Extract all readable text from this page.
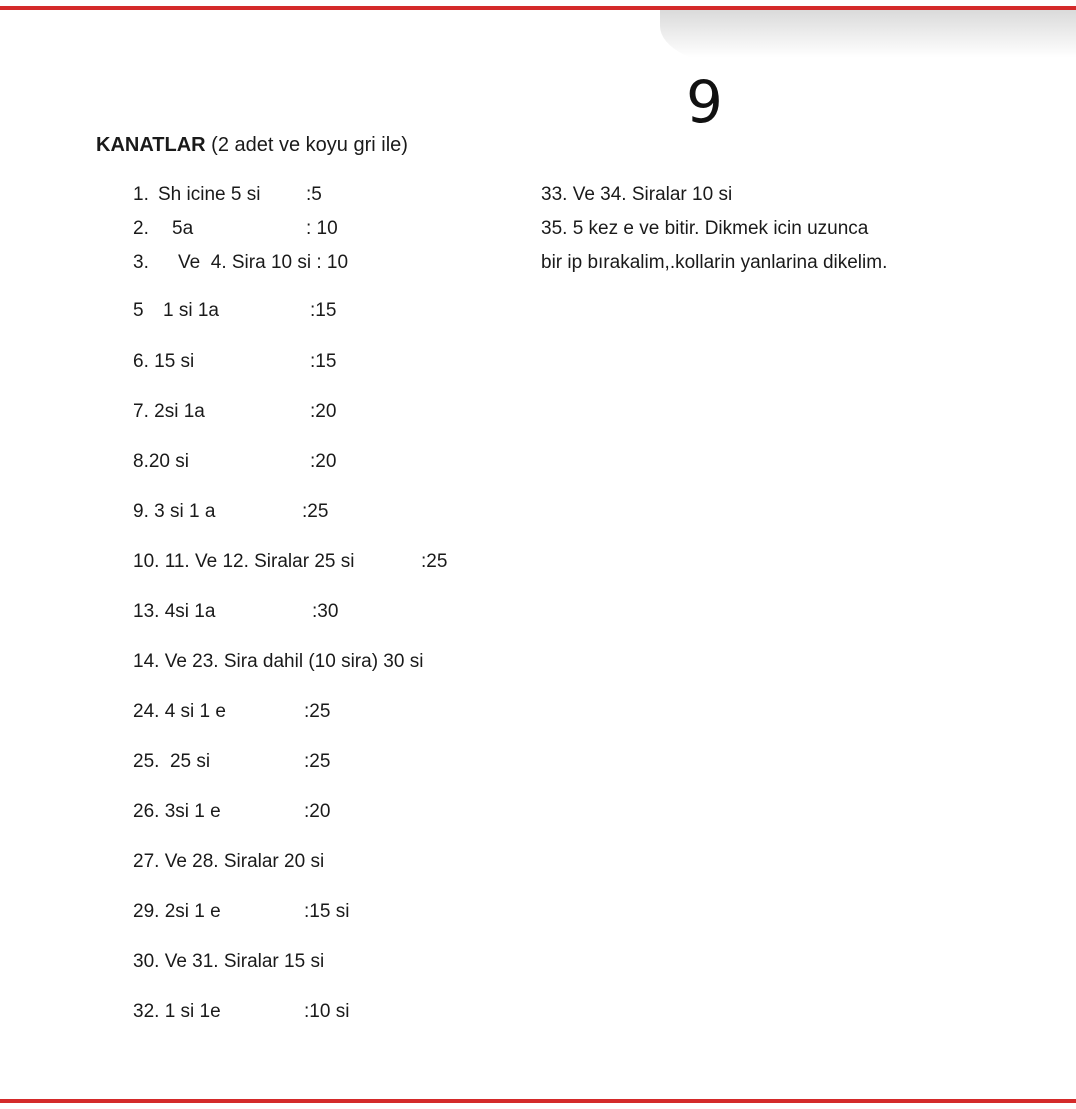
9
KANATLAR (2 adet ve koyu gri ile)
1. Sh icine 5 si :5
2. 5a	: 10
3. Ve  4. Sira 10 si : 10
5 1 si 1a	:15
6. 15 si	:15
7. 2si 1a	:20
8.20 si	:20
9. 3 si 1 a	:25
10. 11. Ve 12. Siralar 25 si	:25
13. 4si 1a	:30
14. Ve 23. Sira dahil (10 sira) 30 si
24. 4 si 1 e	:25
25.  25 si	:25
26. 3si 1 e	:20
27. Ve 28. Siralar 20 si
29. 2si 1 e	:15 si
30. Ve 31. Siralar 15 si
32. 1 si 1e	:10 si
33. Ve 34. Siralar 10 si
35. 5 kez e ve bitir. Dikmek icin uzunca
bir ip bırakalim,.kollarin yanlarina dikelim.
